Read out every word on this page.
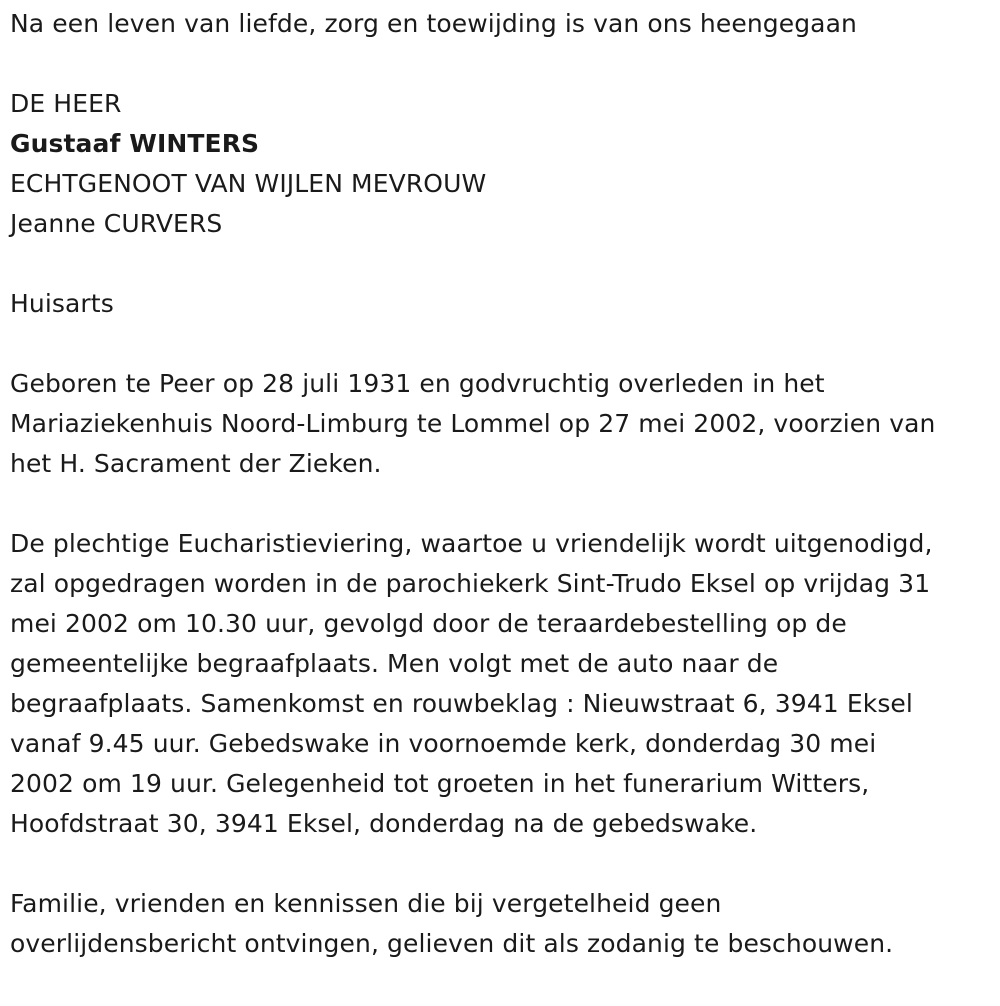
Na een leven van liefde, zorg en toewijding is van ons heengegaan

DE HEER

Gustaaf WINTERS

ECHTGENOOT VAN WIJLEN MEVROUW

Jeanne CURVERS

Huisarts

Geboren te Peer op 28 juli 1931 en godvruchtig overleden in het

Mariaziekenhuis Noord-Limburg te Lommel op 27 mei 2002, voorzien van

het H. Sacrament der Zieken.

De plechtige Eucharistieviering, waartoe u vriendelijk wordt uitgenodigd,

zal opgedragen worden in de parochiekerk Sint-Trudo Eksel op vrijdag 31

mei 2002 om 10.30 uur, gevolgd door de teraardebestelling op de

gemeentelijke begraafplaats. Men volgt met de auto naar de

begraafplaats. Samenkomst en rouwbeklag : Nieuwstraat 6, 3941 Eksel

vanaf 9.45 uur. Gebedswake in voornoemde kerk, donderdag 30 mei

2002 om 19 uur. Gelegenheid tot groeten in het funerarium Witters,

Hoofdstraat 30, 3941 Eksel, donderdag na de gebedswake.

Familie, vrienden en kennissen die bij vergetelheid geen

overlijdensbericht ontvingen, gelieven dit als zodanig te beschouwen.
